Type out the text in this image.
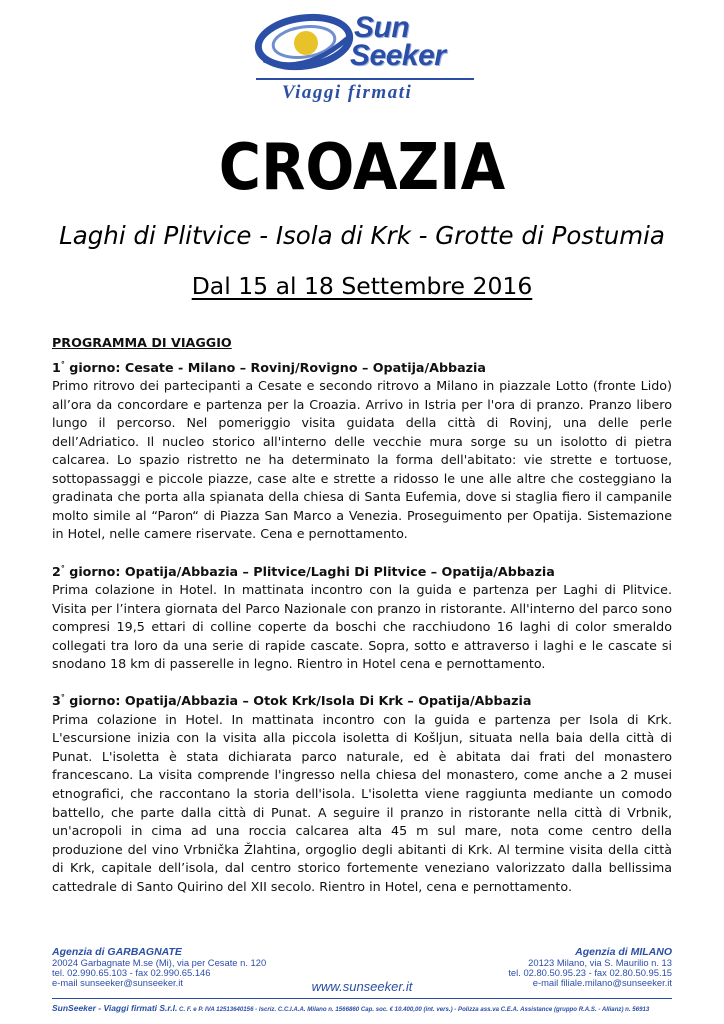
Sun
Seeker
Viaggi firmati
CROAZIA
Laghi di Plitvice - Isola di Krk - Grotte di Postumia
Dal 15 al 18 Settembre 2016
PROGRAMMA DI VIAGGIO
1° giorno: Cesate - Milano – Rovinj/Rovigno – Opatija/Abbazia
Primo ritrovo dei partecipanti a Cesate e secondo ritrovo a Milano in piazzale Lotto (fronte Lido) all’ora da concordare e partenza per la Croazia. Arrivo in Istria per l'ora di pranzo. Pranzo libero lungo il percorso. Nel pomeriggio visita guidata della città di Rovinj, una delle perle dell’Adriatico. Il nucleo storico all'interno delle vecchie mura sorge su un isolotto di pietra calcarea. Lo spazio ristretto ne ha determinato la forma dell'abitato: vie strette e tortuose, sottopassaggi e piccole piazze, case alte e strette a ridosso le une alle altre che costeggiano la gradinata che porta alla spianata della chiesa di Santa Eufemia, dove si staglia fiero il campanile molto simile al “Paron“ di Piazza San Marco a Venezia. Proseguimento per Opatija. Sistemazione in Hotel, nelle camere riservate. Cena e pernottamento.
2° giorno: Opatija/Abbazia – Plitvice/Laghi Di Plitvice – Opatija/Abbazia
Prima colazione in Hotel. In mattinata incontro con la guida e partenza per Laghi di Plitvice. Visita per l’intera giornata del Parco Nazionale con pranzo in ristorante. All'interno del parco sono compresi 19,5 ettari di colline coperte da boschi che racchiudono 16 laghi di color smeraldo collegati tra loro da una serie di rapide cascate. Sopra, sotto e attraverso i laghi e le cascate si snodano 18 km di passerelle in legno. Rientro in Hotel cena e pernottamento.
3° giorno: Opatija/Abbazia – Otok Krk/Isola Di Krk – Opatija/Abbazia
Prima colazione in Hotel. In mattinata incontro con la guida e partenza per Isola di Krk. L'escursione inizia con la visita alla piccola isoletta di Košljun, situata nella baia della città di Punat. L'isoletta è stata dichiarata parco naturale, ed è abitata dai frati del monastero francescano. La visita comprende l'ingresso nella chiesa del monastero, come anche a 2 musei etnografici, che raccontano la storia dell'isola. L'isoletta viene raggiunta mediante un comodo battello, che parte dalla città di Punat. A seguire il pranzo in ristorante nella città di Vrbnik, un'acropoli in cima ad una roccia calcarea alta 45 m sul mare, nota come centro della produzione del vino Vrbnička Žlahtina, orgoglio degli abitanti di Krk. Al termine visita della città di Krk, capitale dell’isola, dal centro storico fortemente veneziano valorizzato dalla bellissima cattedrale di Santo Quirino del XII secolo. Rientro in Hotel, cena e pernottamento.
Agenzia di GARBAGNATE
20024 Garbagnate M.se (Mi), via per Cesate n. 120
tel. 02.990.65.103 - fax 02.990.65.146
e-mail sunseeker@sunseeker.it
Agenzia di MILANO
20123 Milano, via S. Maurilio n. 13
tel. 02.80.50.95.23 - fax 02.80.50.95.15
e-mail filiale.milano@sunseeker.it
www.sunseeker.it
SunSeeker - Viaggi firmati S.r.l. C. F. e P. IVA 12513640156 - Iscriz. C.C.I.A.A. Milano n. 1566860 Cap. soc. € 10.400,00 (int. vers.) - Polizza ass.va C.E.A. Assistance (gruppo R.A.S. - Allianz) n. 56913
